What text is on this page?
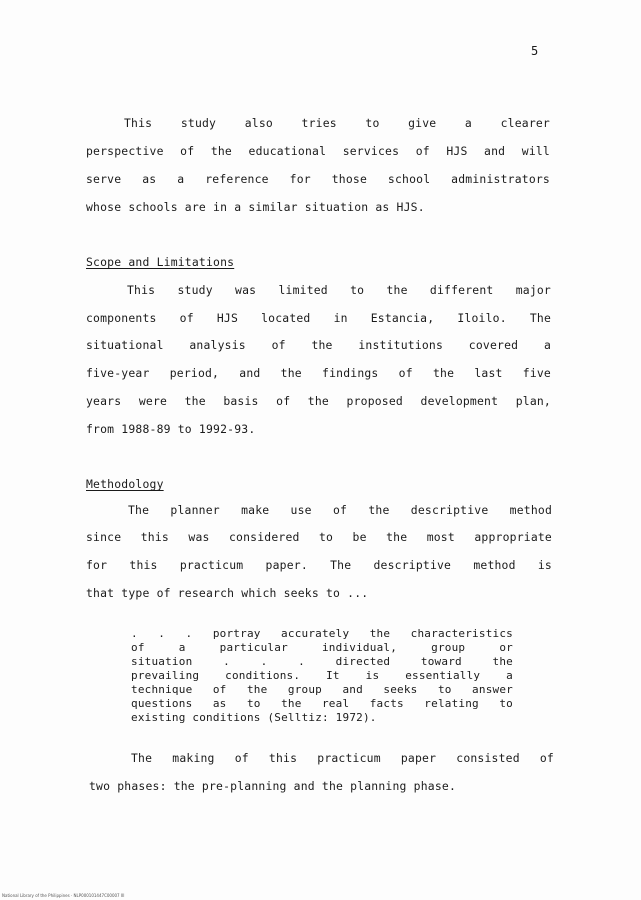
5
This study also tries to give a clearer
perspective of the educational services of HJS and will
serve as a reference for those school administrators
whose schools are in a similar situation as HJS.
Scope and Limitations
This study was limited to the different major
components of HJS located in Estancia, Iloilo. The
situational analysis of the institutions covered a
five-year period, and the findings of the last five
years were the basis of the proposed development plan,
from 1988-89 to 1992-93.
Methodology
The planner make use of the descriptive method
since this was considered to be the most appropriate
for this practicum paper. The descriptive method is
that type of research which seeks to ...
. . . portray accurately the characteristics
of a particular individual, group or
situation . . . directed toward the
prevailing conditions. It is essentially a
technique of the group and seeks to answer
questions as to the real facts relating to
existing conditions (Selltiz: 1972).
The making of this practicum paper consisted of
two phases: the pre-planning and the planning phase.
National Library of the Philippines · NLP000101447C00007 III
